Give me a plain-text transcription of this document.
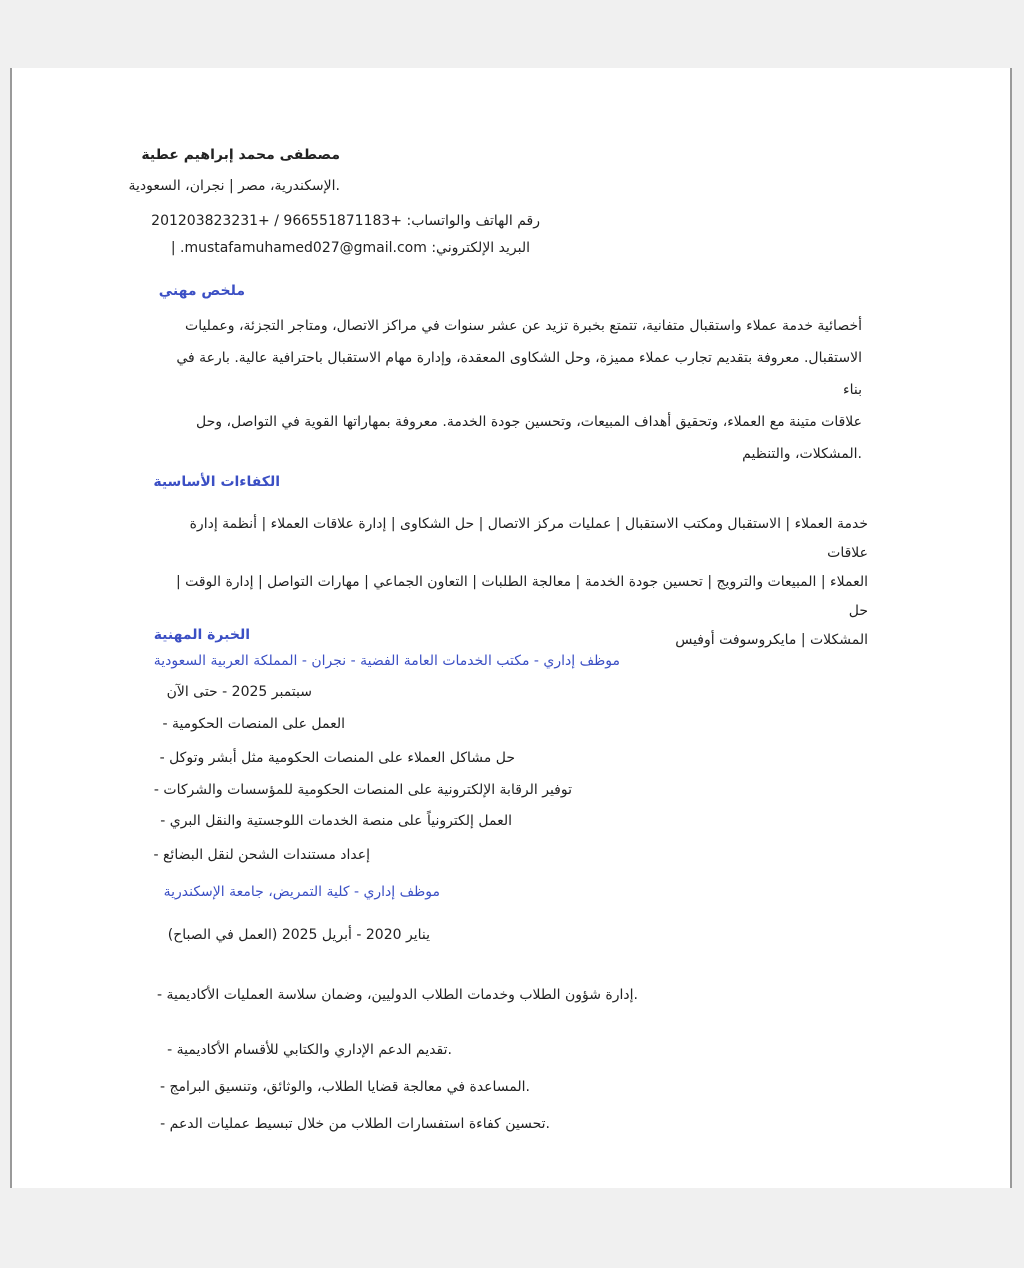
مصطفى محمد إبراهيم عطية
.الإسكندرية، مصر | نجران، السعودية
رقم الهاتف والواتساب: +966551871183 / +201203823231
البريد الإلكتروني: mustafamuhamed027@gmail.com. |
ملخص مهني
أخصائية خدمة عملاء واستقبال متفانية، تتمتع بخبرة تزيد عن عشر سنوات في مراكز الاتصال، ومتاجر التجزئة، وعمليات
الاستقبال. معروفة بتقديم تجارب عملاء مميزة، وحل الشكاوى المعقدة، وإدارة مهام الاستقبال باحترافية عالية. بارعة في بناء
علاقات متينة مع العملاء، وتحقيق أهداف المبيعات، وتحسين جودة الخدمة. معروفة بمهاراتها القوية في التواصل، وحل
.المشكلات، والتنظيم
الكفاءات الأساسية
خدمة العملاء | الاستقبال ومكتب الاستقبال | عمليات مركز الاتصال | حل الشكاوى | إدارة علاقات العملاء | أنظمة إدارة علاقات
العملاء | المبيعات والترويج | تحسين جودة الخدمة | معالجة الطلبات | التعاون الجماعي | مهارات التواصل | إدارة الوقت | حل
المشكلات | مايكروسوفت أوفيس
الخبرة المهنية
موظف إداري - مكتب الخدمات العامة الفضية - نجران - المملكة العربية السعودية
سبتمبر 2025 - حتى الآن
العمل على المنصات الحكومية -
حل مشاكل العملاء على المنصات الحكومية مثل أبشر وتوكل -
توفير الرقابة الإلكترونية على المنصات الحكومية للمؤسسات والشركات -
العمل إلكترونياً على منصة الخدمات اللوجستية والنقل البري -
إعداد مستندات الشحن لنقل البضائع -
موظف إداري - كلية التمريض، جامعة الإسكندرية
يناير 2020 - أبريل 2025 (العمل في الصباح)
.إدارة شؤون الطلاب وخدمات الطلاب الدوليين، وضمان سلاسة العمليات الأكاديمية -
.تقديم الدعم الإداري والكتابي للأقسام الأكاديمية -
.المساعدة في معالجة قضايا الطلاب، والوثائق، وتنسيق البرامج -
.تحسين كفاءة استفسارات الطلاب من خلال تبسيط عمليات الدعم -
